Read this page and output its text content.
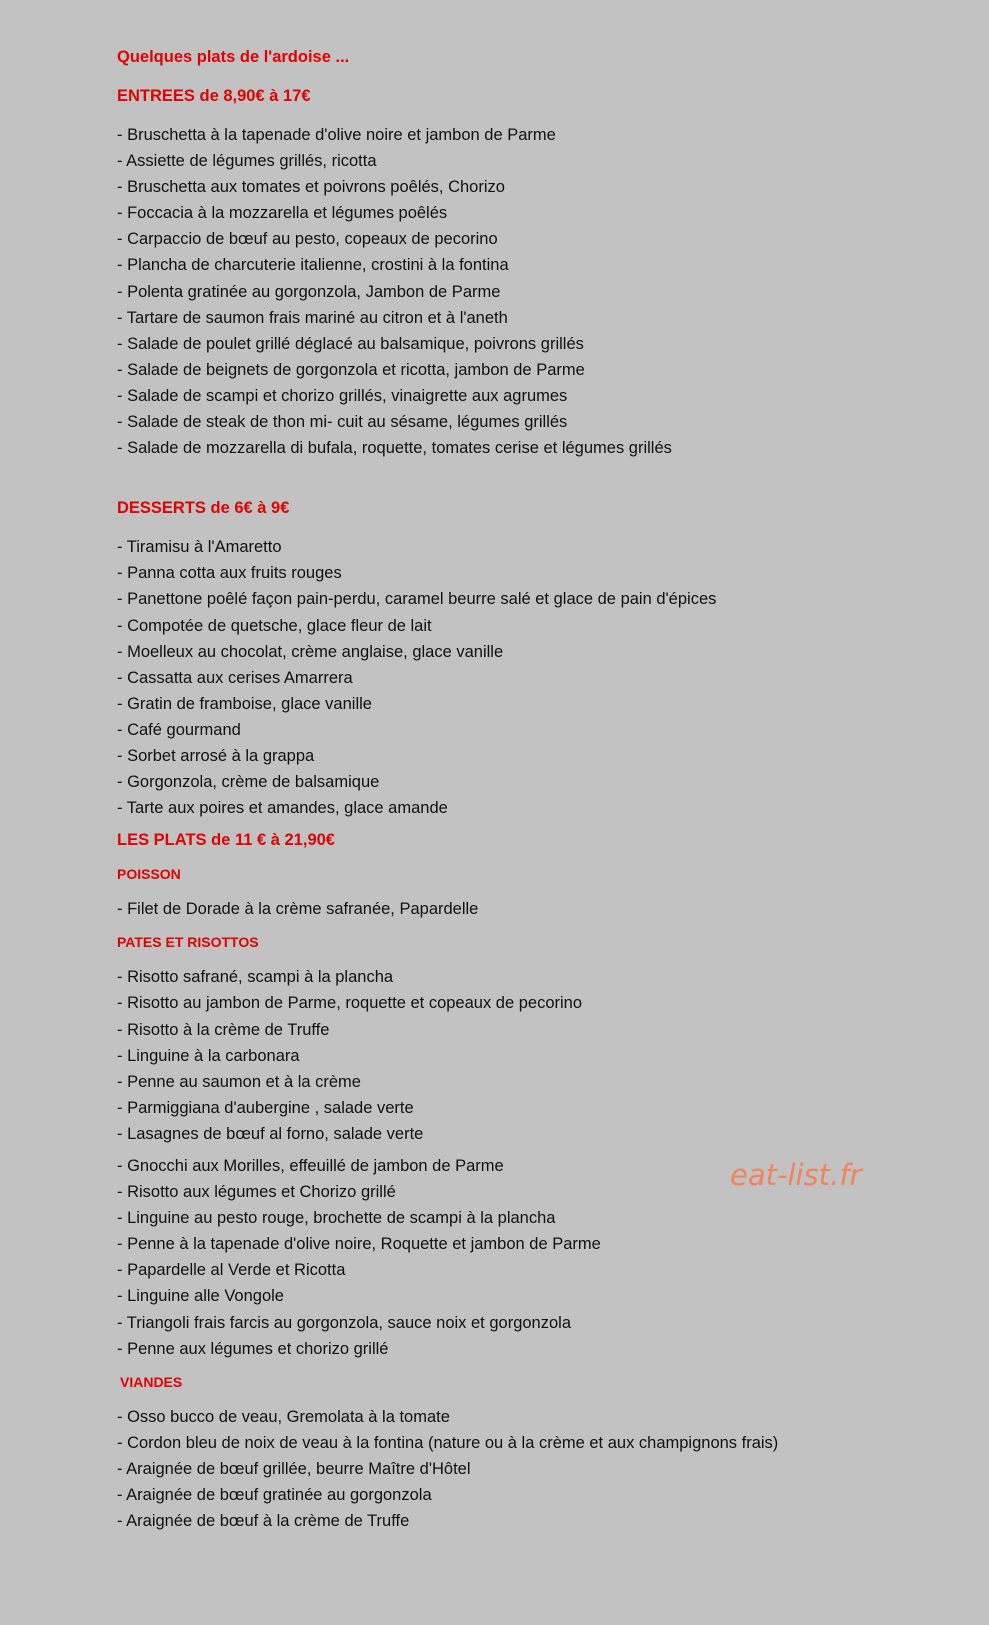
Quelques plats de l'ardoise ...
ENTREES de 8,90€ à 17€
- Bruschetta à la tapenade d'olive noire et jambon de Parme
- Assiette de légumes grillés, ricotta
- Bruschetta aux tomates et poivrons poêlés, Chorizo
- Foccacia à la mozzarella et légumes poêlés
- Carpaccio de bœuf au pesto, copeaux de pecorino
- Plancha de charcuterie italienne, crostini à la fontina
- Polenta gratinée au gorgonzola, Jambon de Parme
- Tartare de saumon frais mariné au citron et à l'aneth
- Salade de poulet grillé déglacé au balsamique, poivrons grillés
- Salade de beignets de gorgonzola et ricotta, jambon de Parme
- Salade de scampi et chorizo grillés, vinaigrette aux agrumes
- Salade de steak de thon mi- cuit au sésame, légumes grillés
- Salade de mozzarella di bufala, roquette, tomates cerise et légumes grillés
DESSERTS de 6€ à 9€
- Tiramisu à l'Amaretto
- Panna cotta aux fruits rouges
- Panettone poêlé façon pain-perdu, caramel beurre salé et glace de pain d'épices
- Compotée de quetsche, glace fleur de lait
- Moelleux au chocolat, crème anglaise, glace vanille
- Cassatta aux cerises Amarrera
- Gratin de framboise, glace vanille
- Café gourmand
- Sorbet arrosé à la grappa
- Gorgonzola, crème de balsamique
- Tarte aux poires et amandes, glace amande
LES PLATS de 11 € à 21,90€
POISSON
- Filet de Dorade à la crème safranée, Papardelle
PATES ET RISOTTOS
- Risotto safrané, scampi à la plancha
- Risotto au jambon de Parme, roquette et copeaux de pecorino
- Risotto à la crème de Truffe
- Linguine à la carbonara
- Penne au saumon et à la crème
- Parmiggiana d'aubergine , salade verte
- Lasagnes de bœuf al forno, salade verte
- Gnocchi aux Morilles, effeuillé de jambon de Parme
- Risotto aux légumes et Chorizo grillé
- Linguine au pesto rouge, brochette de scampi à la plancha
- Penne à la tapenade d'olive noire, Roquette et jambon de Parme
- Papardelle al Verde et Ricotta
- Linguine alle Vongole
- Triangoli frais farcis au gorgonzola, sauce noix et gorgonzola
- Penne aux légumes et chorizo grillé
VIANDES
- Osso bucco de veau, Gremolata à la tomate
- Cordon bleu de noix de veau à la fontina (nature ou à la crème et aux champignons frais)
- Araignée de bœuf grillée, beurre Maître d'Hôtel
- Araignée de bœuf gratinée au gorgonzola
- Araignée de bœuf à la crème de Truffe
eat-list.fr
